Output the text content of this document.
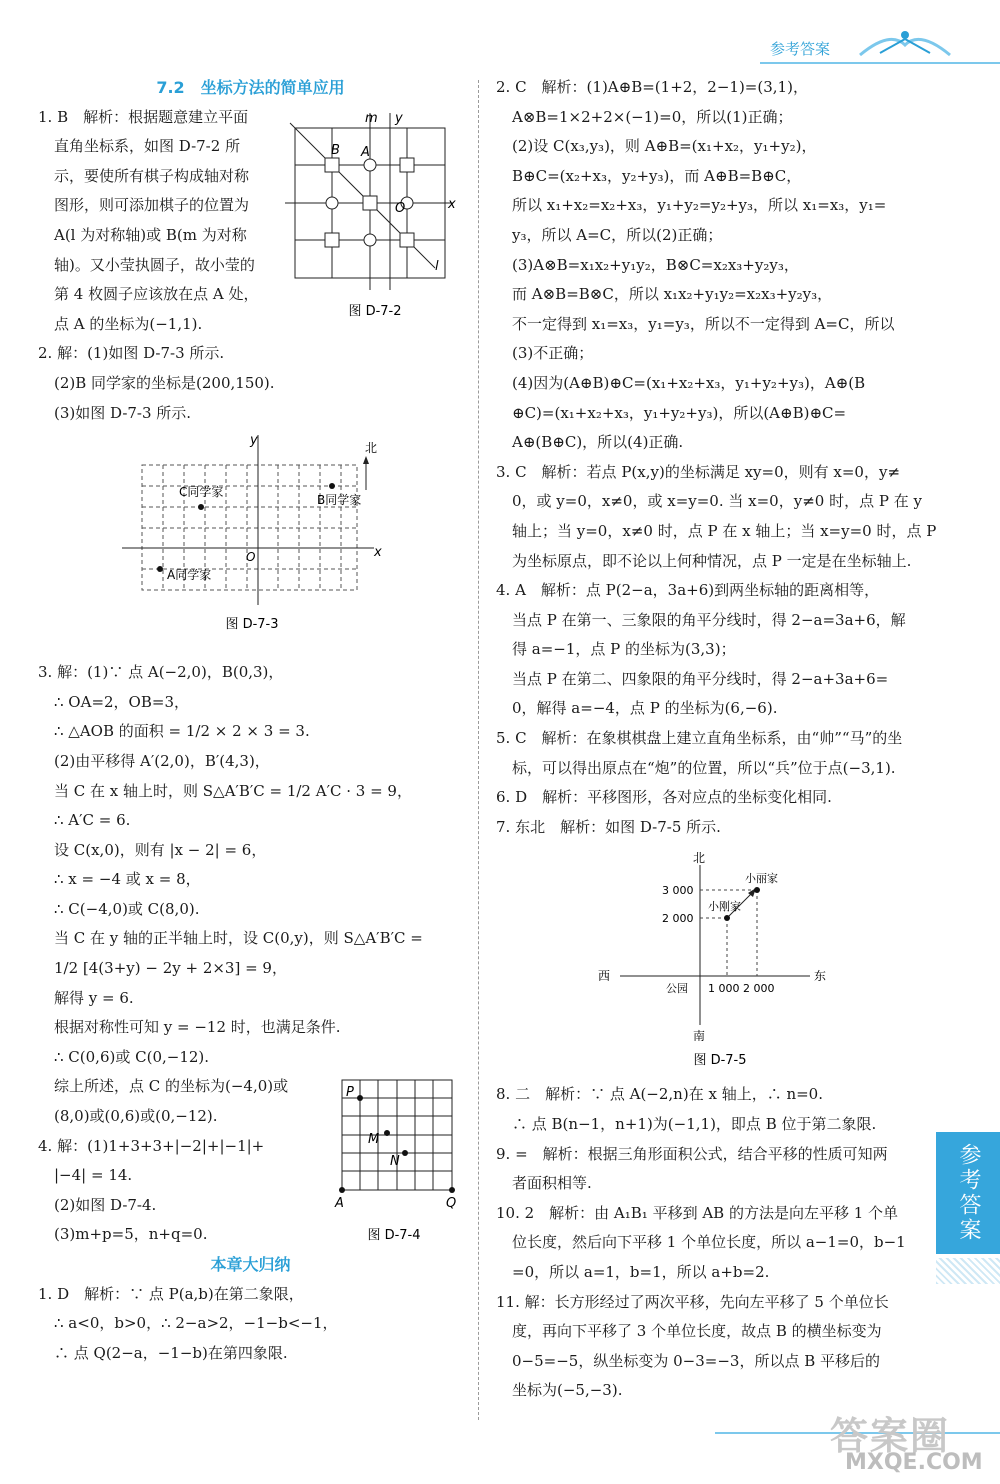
参考答案
7.2　坐标方法的简单应用
1. B　解析：根据题意建立平面
直角坐标系，如图 D-7-2 所
示，要使所有棋子构成轴对称
图形，则可添加棋子的位置为
A(l 为对称轴)或 B(m 为对称
轴)。又小莹执圆子，故小莹的
第 4 枚圆子应该放在点 A 处，
点 A 的坐标为(−1,1).
2. 解：(1)如图 D-7-3 所示.
(2)B 同学家的坐标是(200,150).
(3)如图 D-7-3 所示.
3. 解：(1)∵ 点 A(−2,0)，B(0,3)，
∴ OA=2，OB=3，
∴ △AOB 的面积 = 1/2 × 2 × 3 = 3.
(2)由平移得 A′(2,0)，B′(4,3)，
当 C 在 x 轴上时，则 S△A′B′C = 1/2 A′C · 3 = 9，
∴ A′C = 6.
设 C(x,0)，则有 |x − 2| = 6，
∴ x = −4 或 x = 8，
∴ C(−4,0)或 C(8,0).
当 C 在 y 轴的正半轴上时，设 C(0,y)，则 S△A′B′C =
1/2 [4(3+y) − 2y + 2×3] = 9，
解得 y = 6.
根据对称性可知 y = −12 时，也满足条件.
∴ C(0,6)或 C(0,−12).
综上所述，点 C 的坐标为(−4,0)或
(8,0)或(0,6)或(0,−12).
4. 解：(1)1+3+3+|−2|+|−1|+
|−4| = 14.
(2)如图 D-7-4.
(3)m+p=5，n+q=0.
本章大归纳
1. D　解析：∵ 点 P(a,b)在第二象限，
∴ a<0，b>0，∴ 2−a>2，−1−b<−1，
∴ 点 Q(2−a，−1−b)在第四象限.
m y
x
l
B A
O
图 D-7-2
y
x
O
北
C同学家
B同学家
A同学家
图 D-7-3
P
M
N
A	Q
图 D-7-4
2. C　解析：(1)A⊕B=(1+2，2−1)=(3,1)，
A⊗B=1×2+2×(−1)=0，所以(1)正确；
(2)设 C(x₃,y₃)，则 A⊕B=(x₁+x₂，y₁+y₂)，
B⊕C=(x₂+x₃，y₂+y₃)，而 A⊕B=B⊕C，
所以 x₁+x₂=x₂+x₃，y₁+y₂=y₂+y₃，所以 x₁=x₃，y₁=
y₃，所以 A=C，所以(2)正确；
(3)A⊗B=x₁x₂+y₁y₂，B⊗C=x₂x₃+y₂y₃，
而 A⊗B=B⊗C，所以 x₁x₂+y₁y₂=x₂x₃+y₂y₃，
不一定得到 x₁=x₃，y₁=y₃，所以不一定得到 A=C，所以
(3)不正确；
(4)因为(A⊕B)⊕C=(x₁+x₂+x₃，y₁+y₂+y₃)，A⊕(B
⊕C)=(x₁+x₂+x₃，y₁+y₂+y₃)，所以(A⊕B)⊕C=
A⊕(B⊕C)，所以(4)正确.
3. C　解析：若点 P(x,y)的坐标满足 xy=0，则有 x=0，y≠
0，或 y=0，x≠0，或 x=y=0. 当 x=0，y≠0 时，点 P 在 y
轴上；当 y=0，x≠0 时，点 P 在 x 轴上；当 x=y=0 时，点 P
为坐标原点，即不论以上何种情况，点 P 一定是在坐标轴上.
4. A　解析：点 P(2−a，3a+6)到两坐标轴的距离相等，
当点 P 在第一、三象限的角平分线时，得 2−a=3a+6，解
得 a=−1，点 P 的坐标为(3,3)；
当点 P 在第二、四象限的角平分线时，得 2−a+3a+6=
0，解得 a=−4，点 P 的坐标为(6,−6).
5. C　解析：在象棋棋盘上建立直角坐标系，由“帅”“马”的坐
标，可以得出原点在“炮”的位置，所以“兵”位于点(−3,1).
6. D　解析：平移图形，各对应点的坐标变化相同.
7. 东北　解析：如图 D-7-5 所示.
8. 二　解析：∵ 点 A(−2,n)在 x 轴上，∴ n=0.
∴ 点 B(n−1，n+1)为(−1,1)，即点 B 位于第二象限.
9. =　解析：根据三角形面积公式，结合平移的性质可知两
者面积相等.
10. 2　解析：由 A₁B₁ 平移到 AB 的方法是向左平移 1 个单
位长度，然后向下平移 1 个单位长度，所以 a−1=0，b−1
=0，所以 a=1，b=1，所以 a+b=2.
11. 解：长方形经过了两次平移，先向左平移了 5 个单位长
度，再向下平移了 3 个单位长度，故点 B 的横坐标变为
0−5=−5，纵坐标变为 0−3=−3，所以点 B 平移后的
坐标为(−5,−3).
北
南
西	东
公园
3 000
2 000
1 000 2 000
小丽家
小刚家
图 D-7-5
参考答案
答案圈
MXQE.COM
